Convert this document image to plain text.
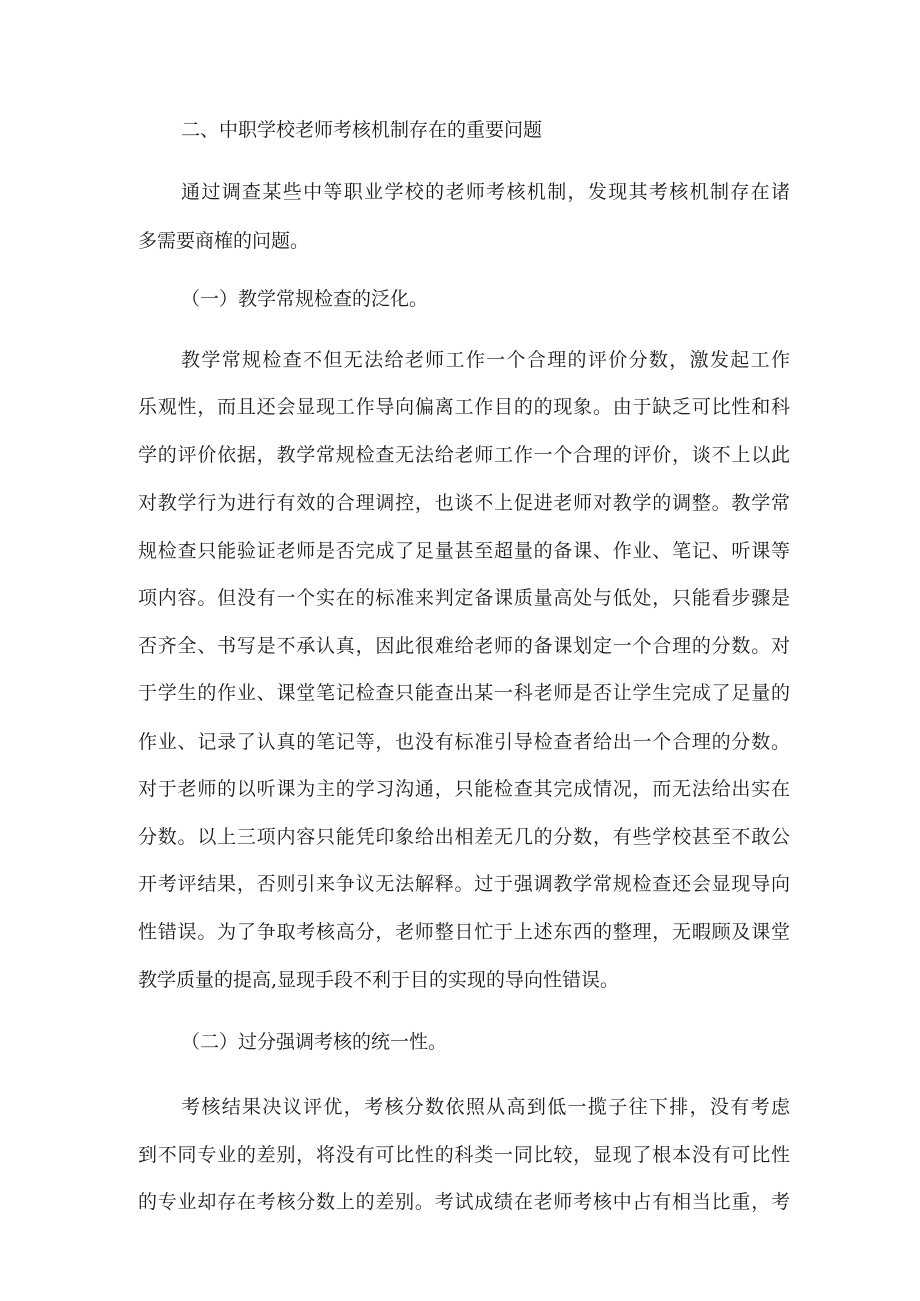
二、中职学校老师考核机制存在的重要问题
通过调查某些中等职业学校的老师考核机制，发现其考核机制存在诸
多需要商榷的问题。
（一）教学常规检查的泛化。
教学常规检查不但无法给老师工作一个合理的评价分数，激发起工作
乐观性，而且还会显现工作导向偏离工作目的的现象。由于缺乏可比性和科
学的评价依据，教学常规检查无法给老师工作一个合理的评价，谈不上以此
对教学行为进行有效的合理调控，也谈不上促进老师对教学的调整。教学常
规检查只能验证老师是否完成了足量甚至超量的备课、作业、笔记、听课等
项内容。但没有一个实在的标准来判定备课质量高处与低处，只能看步骤是
否齐全、书写是不承认真，因此很难给老师的备课划定一个合理的分数。对
于学生的作业、课堂笔记检查只能查出某一科老师是否让学生完成了足量的
作业、记录了认真的笔记等，也没有标准引导检查者给出一个合理的分数。
对于老师的以听课为主的学习沟通，只能检查其完成情况，而无法给出实在
分数。以上三项内容只能凭印象给出相差无几的分数，有些学校甚至不敢公
开考评结果，否则引来争议无法解释。过于强调教学常规检查还会显现导向
性错误。为了争取考核高分，老师整日忙于上述东西的整理，无暇顾及课堂
教学质量的提高,显现手段不利于目的实现的导向性错误。
（二）过分强调考核的统一性。
考核结果决议评优，考核分数依照从高到低一揽子往下排，没有考虑
到不同专业的差别，将没有可比性的科类一同比较，显现了根本没有可比性
的专业却存在考核分数上的差别。考试成绩在老师考核中占有相当比重，考
